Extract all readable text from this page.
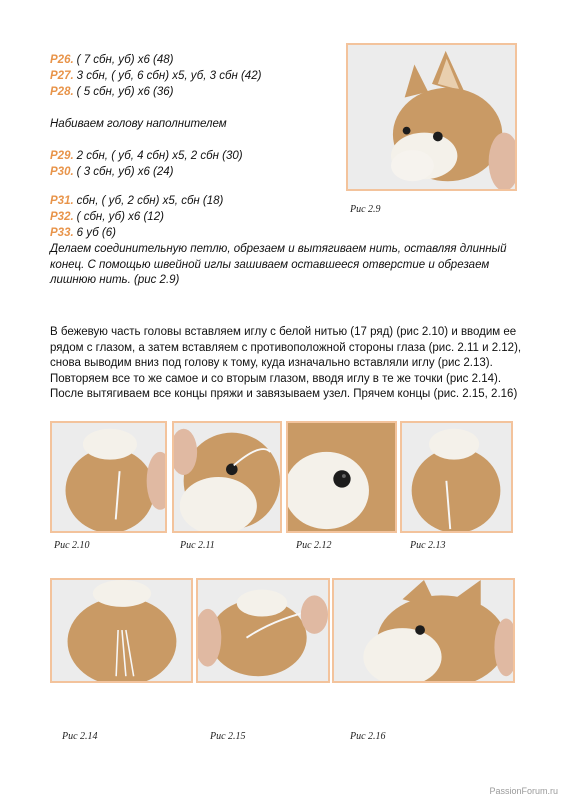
Р26. ( 7 сбн, уб) х6 (48)
Р27. 3 сбн, ( уб, 6 сбн) х5, уб, 3 сбн (42)
Р28. ( 5 сбн, уб) х6 (36)
Набиваем голову наполнителем
Р29. 2 сбн, ( уб, 4 сбн) х5, 2 сбн (30)
Р30. ( 3 сбн, уб) х6 (24)
Р31. сбн, ( уб, 2 сбн) х5, сбн (18)
Р32. ( сбн, уб) х6 (12)
Р33. 6 уб (6)
Делаем соединительную петлю, обрезаем и вытягиваем нить, оставляя длинный конец. С помощью швейной иглы зашиваем оставшееся отверстие и обрезаем лишнюю нить. (рис 2.9)
В бежевую часть головы вставляем иглу с белой нитью (17 ряд) (рис 2.10) и вводим ее рядом с глазом, а затем вставляем с противоположной стороны глаза (рис. 2.11 и 2.12), снова выводим вниз под голову к тому, куда изначально вставляли иглу (рис 2.13). Повторяем все то же самое и со вторым глазом, вводя иглу в те же точки (рис 2.14). После вытягиваем все концы пряжи и завязываем узел. Прячем концы (рис. 2.15, 2.16)
Рис 2.9
Рис 2.10	Рис 2.11	Рис 2.12	Рис 2.13
Рис 2.14	Рис 2.15	Рис 2.16
PassionForum.ru
